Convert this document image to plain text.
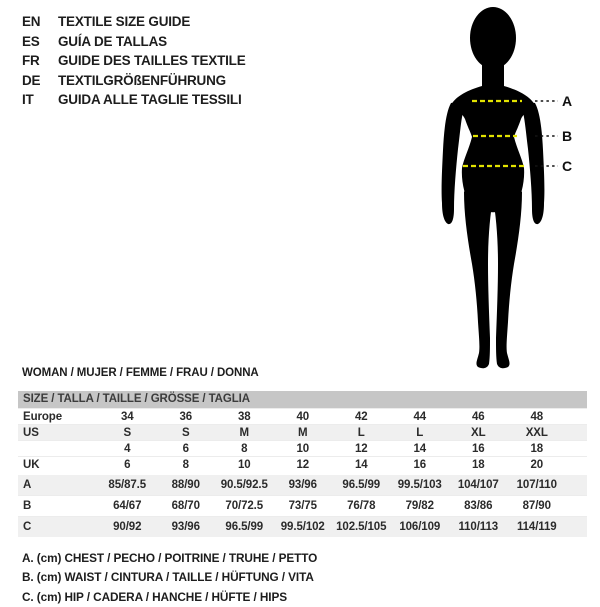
EN	TEXTILE SIZE GUIDE
ES	GUÍA DE TALLAS
FR	GUIDE DES TAILLES TEXTILE
DE	TEXTILGRÖßENFÜHRUNG
IT	GUIDA ALLE TAGLIE TESSILI	A
B
C
WOMAN / MUJER / FEMME / FRAU / DONNA
SIZE / TALLA / TAILLE / GRÖSSE / TAGLIA
Europe	34	36	38	40	42	44	46	48	
US	S	S	M	M	L	L	XL	XXL	
	4	6	8	10	12	14	16	18	
UK	6	8	10	12	14	16	18	20	
A	85/87.5	88/90	90.5/92.5	93/96	96.5/99	99.5/103	104/107	107/110	
B	64/67	68/70	70/72.5	73/75	76/78	79/82	83/86	87/90	
C	90/92	93/96	96.5/99	99.5/102	102.5/105	106/109	110/113	114/119	
A. (cm) CHEST / PECHO / POITRINE / TRUHE / PETTO
B. (cm) WAIST / CINTURA / TAILLE / HÜFTUNG / VITA
C. (cm) HIP / CADERA / HANCHE / HÜFTE / HIPS
